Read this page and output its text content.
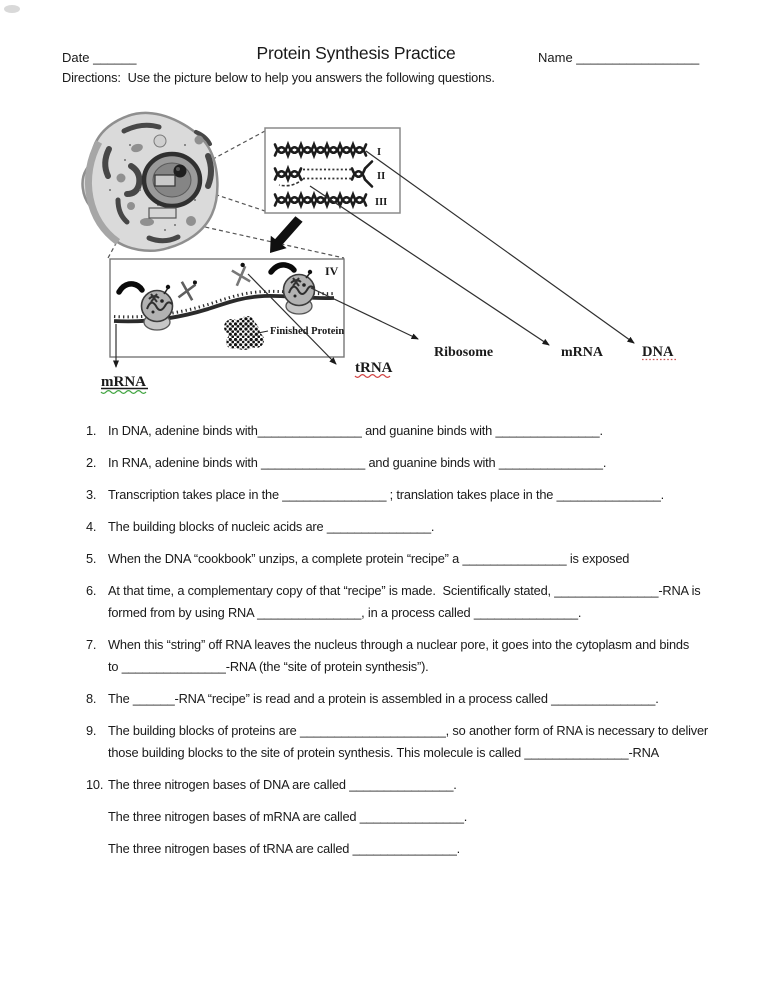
Date ______	Protein Synthesis Practice	Name _________________
Directions:  Use the picture below to help you answers the following questions.
I
II
III
Finished Protein
IV
mRNA
tRNA
Ribosome	mRNA	DNA
1. In DNA, adenine binds with_______________ and guanine binds with _______________.
2. In RNA, adenine binds with _______________ and guanine binds with _______________.
3. Transcription takes place in the _______________ ; translation takes place in the _______________.
4. The building blocks of nucleic acids are _______________.
5. When the DNA “cookbook” unzips, a complete protein “recipe” a _______________ is exposed
6. At that time, a complementary copy of that “recipe” is made.  Scientifically stated, _______________-RNA is
formed from by using RNA _______________, in a process called _______________.
7. When this “string” off RNA leaves the nucleus through a nuclear pore, it goes into the cytoplasm and binds
to _______________-RNA (the “site of protein synthesis”).
8. The ______-RNA “recipe” is read and a protein is assembled in a process called _______________.
9. The building blocks of proteins are _____________________, so another form of RNA is necessary to deliver
those building blocks to the site of protein synthesis. This molecule is called _______________-RNA
10. The three nitrogen bases of DNA are called _______________.
The three nitrogen bases of mRNA are called _______________.
The three nitrogen bases of tRNA are called _______________.
